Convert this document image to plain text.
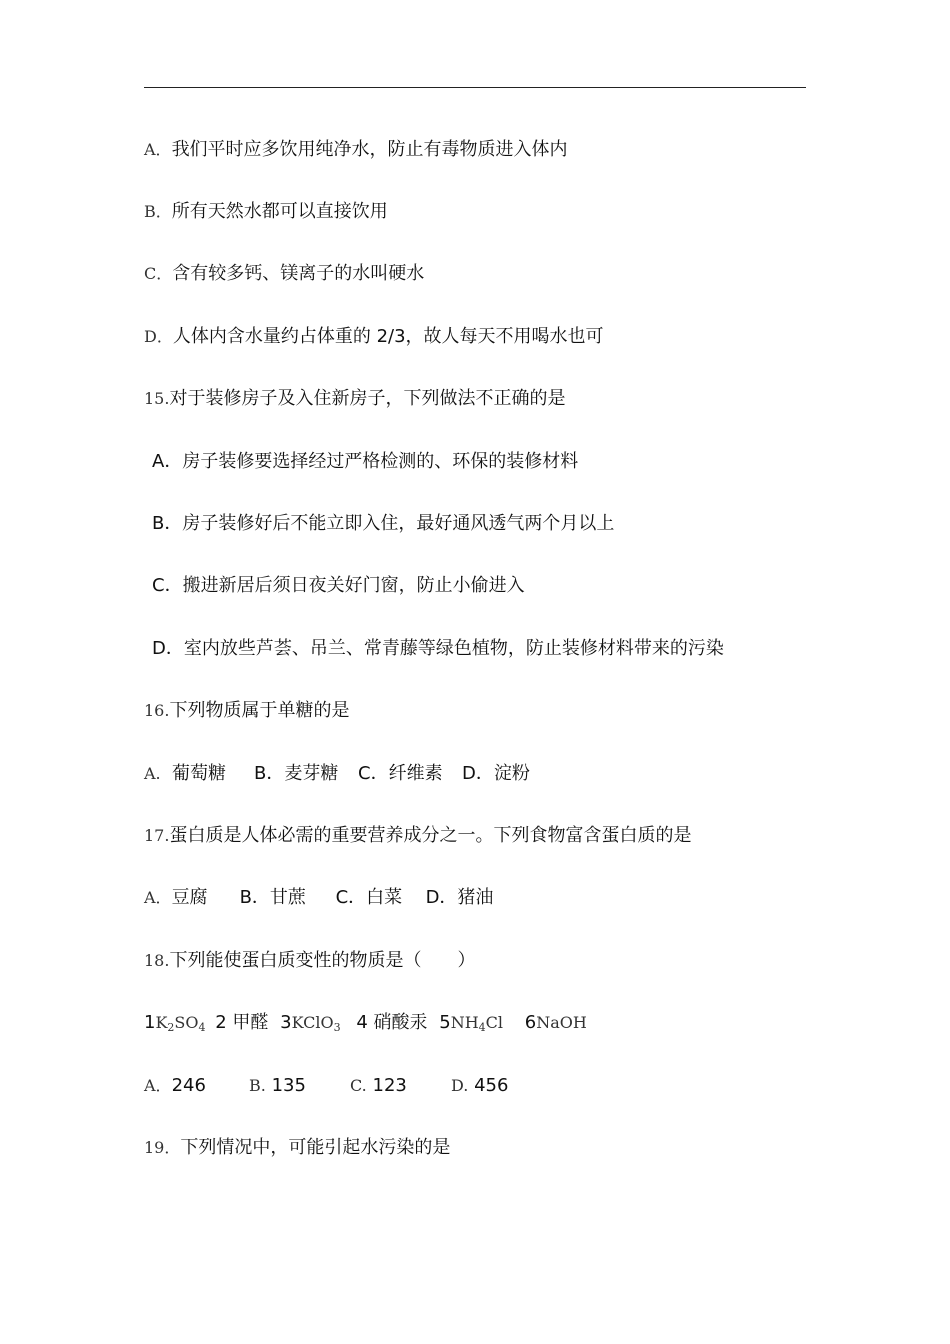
A．我们平时应多饮用纯净水，防止有毒物质进入体内
B．所有天然水都可以直接饮用
C．含有较多钙、镁离子的水叫硬水
D．人体内含水量约占体重的 2/3，故人每天不用喝水也可
15.对于装修房子及入住新房子，下列做法不正确的是
A．房子装修要选择经过严格检测的、环保的装修材料
B．房子装修好后不能立即入住，最好通风透气两个月以上
C．搬进新居后须日夜关好门窗，防止小偷进入
D．室内放些芦荟、吊兰、常青藤等绿色植物，防止装修材料带来的污染
16.下列物质属于单糖的是
A. 葡萄糖 B．麦芽糖 C．纤维素 D．淀粉
17.蛋白质是人体必需的重要营养成分之一。下列食物富含蛋白质的是
A．豆腐 B．甘蔗 C．白菜 D．猪油
18.下列能使蛋白质变性的物质是（　　）
$1K_2SO_4$ 2 甲醛 3KClO$_3$ 4 硝酸汞 $5NH_4Cl$ 6NaOH
A．246	B. 135	C. 123	D. 456
19．下列情况中，可能引起水污染的是
